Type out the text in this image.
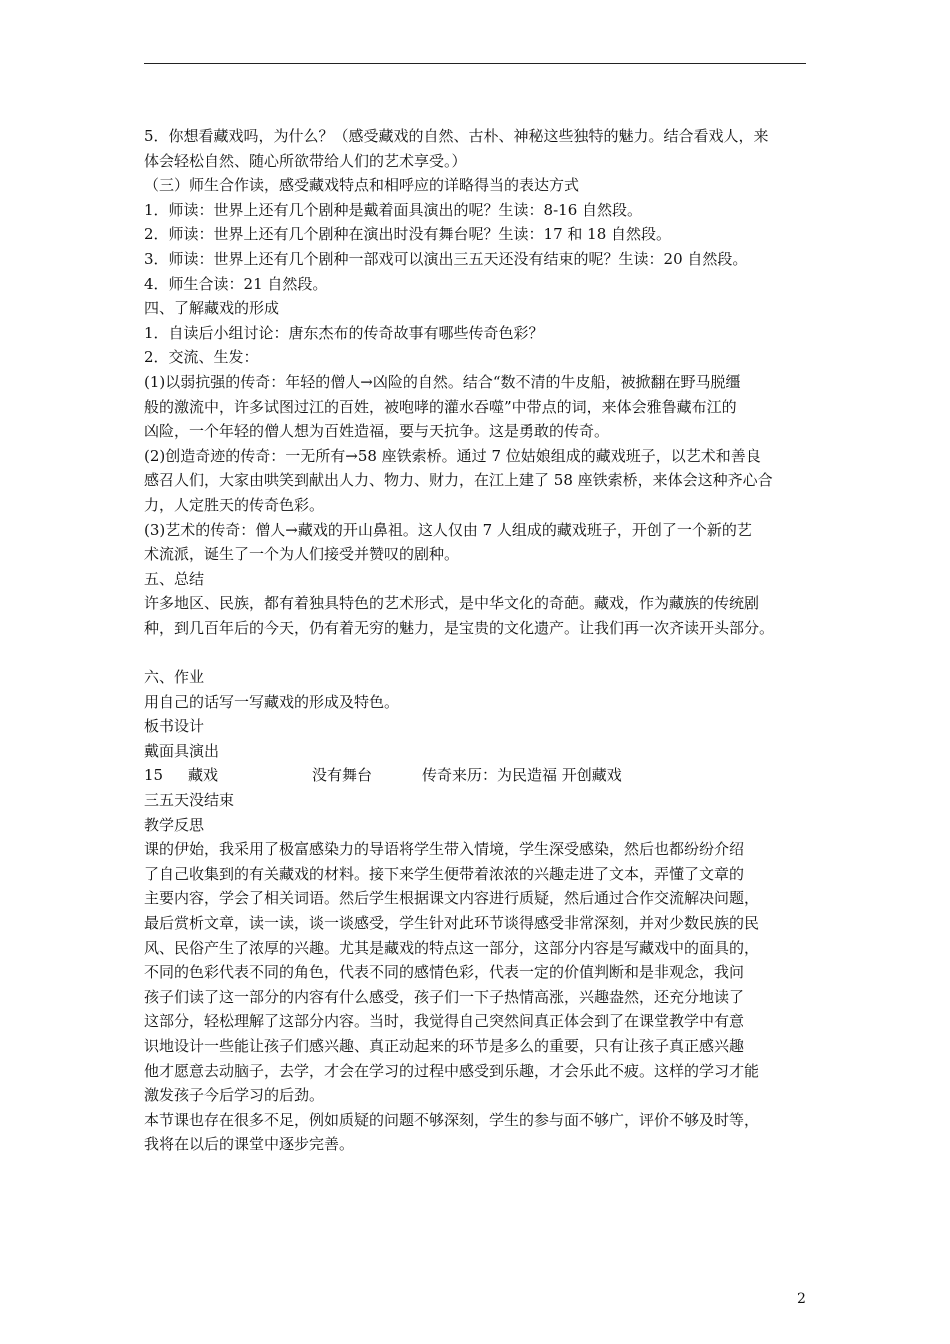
5．你想看藏戏吗，为什么？（感受藏戏的自然、古朴、神秘这些独特的魅力。结合看戏人，来
体会轻松自然、随心所欲带给人们的艺术享受。）
（三）师生合作读，感受藏戏特点和相呼应的详略得当的表达方式
1．师读：世界上还有几个剧种是戴着面具演出的呢？生读：8-16 自然段。
2．师读：世界上还有几个剧种在演出时没有舞台呢？生读：17 和 18 自然段。
3．师读：世界上还有几个剧种一部戏可以演出三五天还没有结束的呢？生读：20 自然段。
4．师生合读：21 自然段。
四、了解藏戏的形成
1．自读后小组讨论：唐东杰布的传奇故事有哪些传奇色彩？
2．交流、生发：
(1)以弱抗强的传奇：年轻的僧人→凶险的自然。结合“数不清的牛皮船，被掀翻在野马脱缰
般的激流中，许多试图过江的百姓，被咆哮的灌水吞噬”中带点的词，来体会雅鲁藏布江的
凶险，一个年轻的僧人想为百姓造福，要与天抗争。这是勇敢的传奇。
(2)创造奇迹的传奇：一无所有→58 座铁索桥。通过 7 位姑娘组成的藏戏班子，以艺术和善良
感召人们，大家由哄笑到献出人力、物力、财力，在江上建了 58 座铁索桥，来体会这种齐心合
力，人定胜天的传奇色彩。
(3)艺术的传奇：僧人→藏戏的开山鼻祖。这人仅由 7 人组成的藏戏班子，开创了一个新的艺
术流派，诞生了一个为人们接受并赞叹的剧种。
五、总结
许多地区、民族，都有着独具特色的艺术形式，是中华文化的奇葩。藏戏，作为藏族的传统剧
种，到几百年后的今天，仍有着无穷的魅力，是宝贵的文化遗产。让我们再一次齐读开头部分。
六、作业
用自己的话写一写藏戏的形成及特色。
板书设计
戴面具演出
15 藏戏	没有舞台	传奇来历：为民造福 开创藏戏
三五天没结束
教学反思
课的伊始，我采用了极富感染力的导语将学生带入情境，学生深受感染，然后也都纷纷介绍
了自己收集到的有关藏戏的材料。接下来学生便带着浓浓的兴趣走进了文本，弄懂了文章的
主要内容，学会了相关词语。然后学生根据课文内容进行质疑，然后通过合作交流解决问题，
最后赏析文章，读一读，谈一谈感受，学生针对此环节谈得感受非常深刻，并对少数民族的民
风、民俗产生了浓厚的兴趣。尤其是藏戏的特点这一部分，这部分内容是写藏戏中的面具的，
不同的色彩代表不同的角色，代表不同的感情色彩，代表一定的价值判断和是非观念，我问
孩子们读了这一部分的内容有什么感受，孩子们一下子热情高涨，兴趣盎然，还充分地读了
这部分，轻松理解了这部分内容。当时，我觉得自己突然间真正体会到了在课堂教学中有意
识地设计一些能让孩子们感兴趣、真正动起来的环节是多么的重要，只有让孩子真正感兴趣
他才愿意去动脑子，去学，才会在学习的过程中感受到乐趣，才会乐此不疲。这样的学习才能
激发孩子今后学习的后劲。
本节课也存在很多不足，例如质疑的问题不够深刻，学生的参与面不够广，评价不够及时等，
我将在以后的课堂中逐步完善。
2
